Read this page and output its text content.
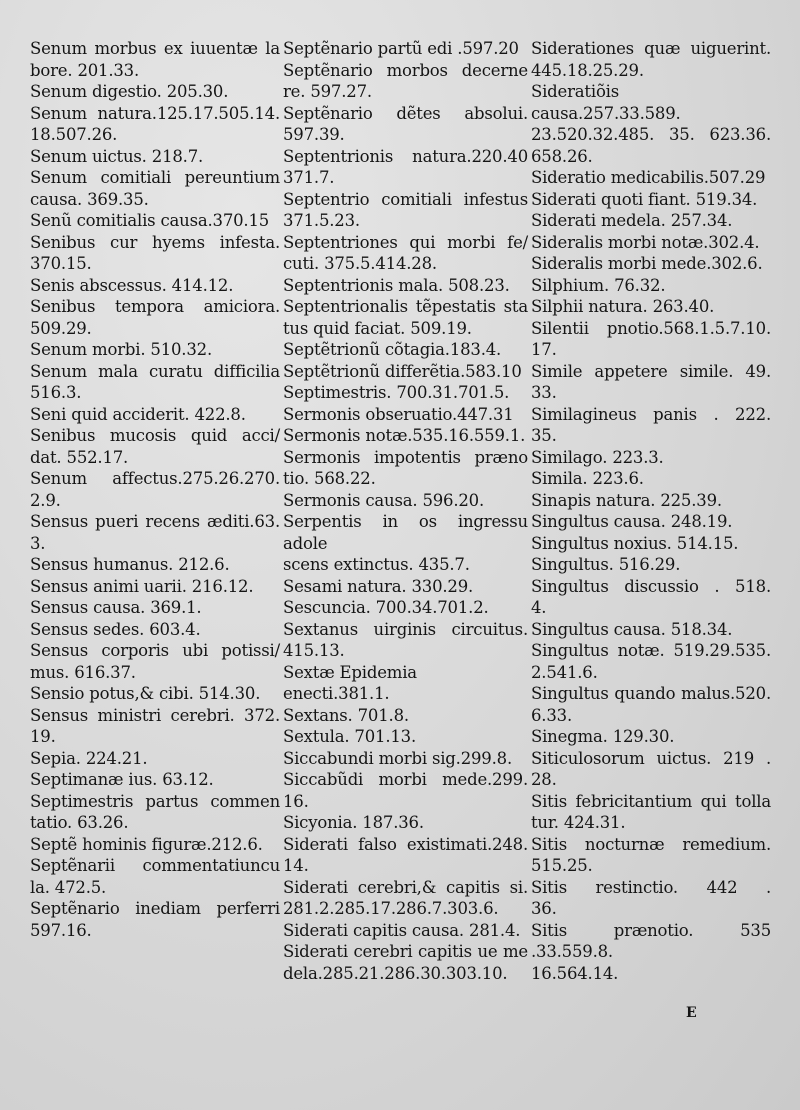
Senum morbus ex iuuentæ la
bore. 201.33.
Senum digestio. 205.30.
Senum natura.125.17.505.14.
18.507.26.
Senum uictus. 218.7.
Senum comitiali pereuntium
causa. 369.35.
Senũ comitialis causa.370.15
Senibus cur hyems infesta.
370.15.
Senis abscessus. 414.12.
Senibus tempora amiciora.
509.29.
Senum morbi. 510.32.
Senum mala curatu difficilia
516.3.
Seni quid acciderit. 422.8.
Senibus mucosis quid acci/
dat. 552.17.
Senum affectus.275.26.270.
2.9.
Sensus pueri recens æditi.63.
3.
Sensus humanus. 212.6.
Sensus animi uarii. 216.12.
Sensus causa. 369.1.
Sensus sedes. 603.4.
Sensus corporis ubi potissi/
mus. 616.37.
Sensio potus,& cibi. 514.30.
Sensus ministri cerebri. 372.
19.
Sepia. 224.21.
Septimanæ ius. 63.12.
Septimestris partus commen
tatio. 63.26.
Septẽ hominis figuræ.212.6.
Septẽnarii commentatiuncu
la. 472.5.
Septẽnario inediam perferri
597.16.
Septẽnario partũ edi .597.20
Septẽnario morbos decerne
re. 597.27.
Septẽnario dẽtes absolui.
597.39.
Septentrionis natura.220.40
371.7.
Septentrio comitiali infestus
371.5.23.
Septentriones qui morbi fe/
cuti. 375.5.414.28.
Septentrionis mala. 508.23.
Septentrionalis tẽpestatis sta
tus quid faciat. 509.19.
Septẽtrionũ cõtagia.183.4.
Septẽtrionũ differẽtia.583.10
Septimestris. 700.31.701.5.
Sermonis obseruatio.447.31
Sermonis notæ.535.16.559.1.
Sermonis impotentis præno
tio. 568.22.
Sermonis causa. 596.20.
Serpentis in os ingressu adole
scens extinctus. 435.7.
Sesami natura. 330.29.
Sescuncia. 700.34.701.2.
Sextanus uirginis circuitus.
415.13.
Sextæ Epidemia enecti.381.1.
Sextans. 701.8.
Sextula. 701.13.
Siccabundi morbi sig.299.8.
Siccabũdi morbi mede.299.
16.
Sicyonia. 187.36.
Siderati falso existimati.248.
14.
Siderati cerebri,& capitis si.
281.2.285.17.286.7.303.6.
Siderati capitis causa. 281.4.
Siderati cerebri capitis ue me
dela.285.21.286.30.303.10.
Siderationes quæ uiguerint.
445.18.25.29.
Sideratiõis causa.257.33.589.
23.520.32.485. 35. 623.36.
658.26.
Sideratio medicabilis.507.29
Siderati quoti fiant. 519.34.
Siderati medela. 257.34.
Sideralis morbi notæ.302.4.
Sideralis morbi mede.302.6.
Silphium. 76.32.
Silphii natura. 263.40.
Silentii pnotio.568.1.5.7.10.
17.
Simile appetere simile. 49.
33.
Similagineus panis . 222.
35.
Similago. 223.3.
Simila. 223.6.
Sinapis natura. 225.39.
Singultus causa. 248.19.
Singultus noxius. 514.15.
Singultus. 516.29.
Singultus discussio . 518.
4.
Singultus causa. 518.34.
Singultus notæ. 519.29.535.
2.541.6.
Singultus quando malus.520.
6.33.
Sinegma. 129.30.
Siticulosorum uictus. 219 .
28.
Sitis febricitantium qui tolla
tur. 424.31.
Sitis nocturnæ remedium.
515.25.
Sitis restinctio. 442 .
36.
Sitis prænotio. 535 .33.559.8.
16.564.14.
E
